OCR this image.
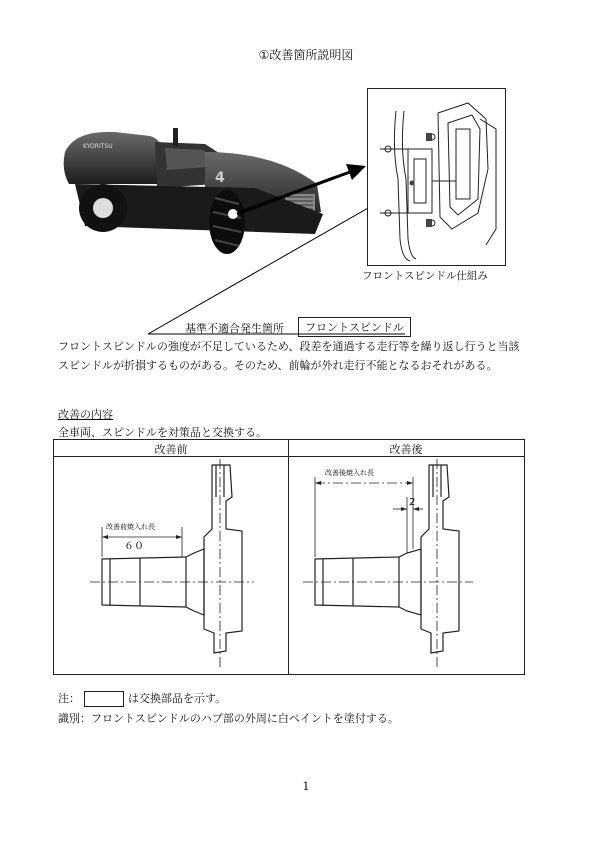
①改善箇所説明図
KYORITSU
4
フロントスピンドル仕組み
基準不適合発生箇所	フロントスピンドル
フロントスピンドルの強度が不足しているため、段差を通過する走行等を繰り返し行うと当該スピンドルが折損するものがある。そのため、前輪が外れ走行不能となるおそれがある。
改善の内容
全車両、スピンドルを対策品と交換する。
改善前	改善後
改善前焼入れ長
６０
改善後焼入れ長
2
注：	は交換部品を示す。
識別：フロントスピンドルのハブ部の外周に白ペイントを塗付する。
1
